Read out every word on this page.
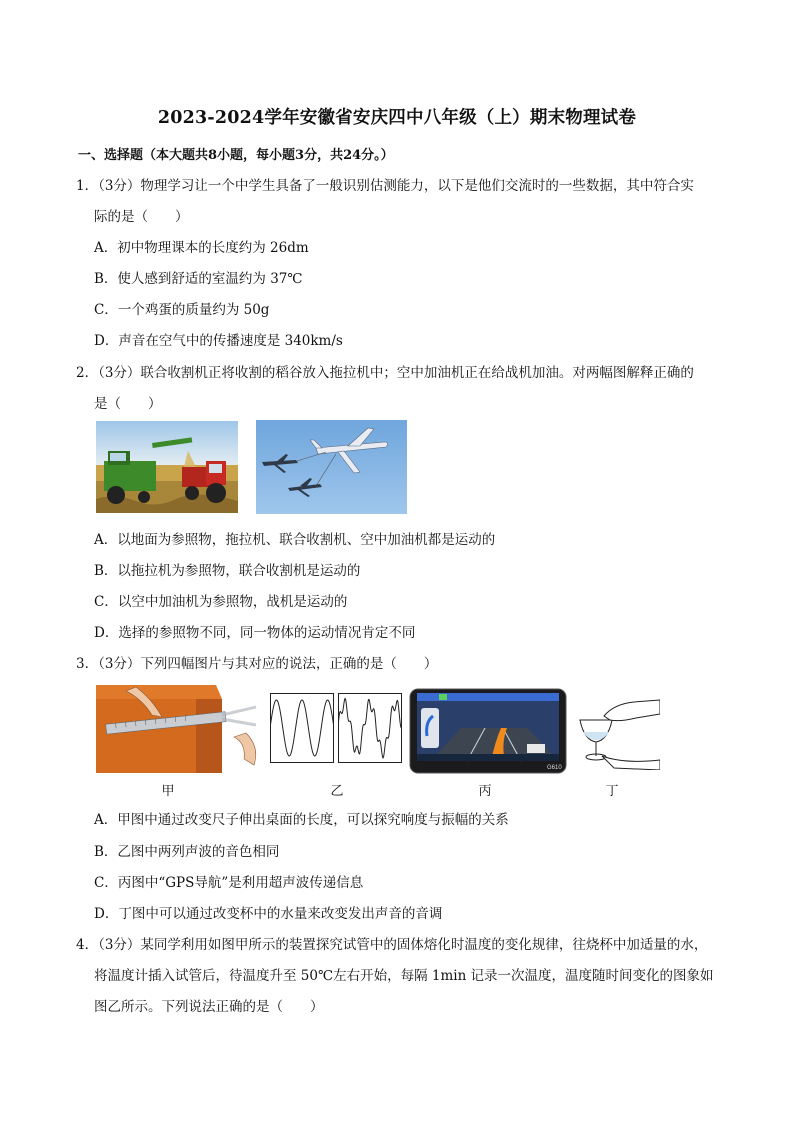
2023-2024学年安徽省安庆四中八年级（上）期末物理试卷
一、选择题（本大题共8小题，每小题3分，共24分。）
1．（3分）物理学习让一个中学生具备了一般识别估测能力，以下是他们交流时的一些数据，其中符合实
际的是（　　）
A．初中物理课本的长度约为 26dm
B．使人感到舒适的室温约为 37℃
C．一个鸡蛋的质量约为 50g
D．声音在空气中的传播速度是 340km/s
2．（3分）联合收割机正将收割的稻谷放入拖拉机中；空中加油机正在给战机加油。对两幅图解释正确的
是（　　）
A．以地面为参照物，拖拉机、联合收割机、空中加油机都是运动的
B．以拖拉机为参照物，联合收割机是运动的
C．以空中加油机为参照物，战机是运动的
D．选择的参照物不同，同一物体的运动情况肯定不同
3．（3分）下列四幅图片与其对应的说法，正确的是（　　）
G610
甲	乙	丙	丁
A．甲图中通过改变尺子伸出桌面的长度，可以探究响度与振幅的关系
B．乙图中两列声波的音色相同
C．丙图中“GPS导航”是利用超声波传递信息
D．丁图中可以通过改变杯中的水量来改变发出声音的音调
4．（3分）某同学利用如图甲所示的装置探究试管中的固体熔化时温度的变化规律，往烧杯中加适量的水，
将温度计插入试管后，待温度升至 50℃左右开始，每隔 1min 记录一次温度，温度随时间变化的图象如
图乙所示。下列说法正确的是（　　）
